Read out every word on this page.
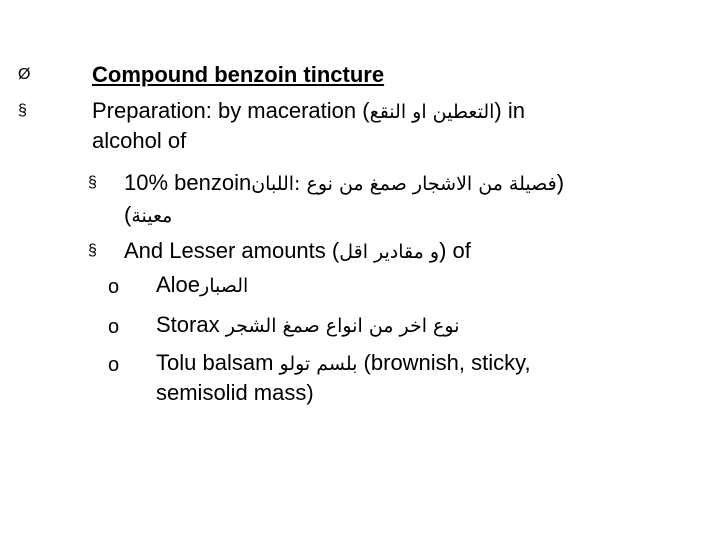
Ø	Compound benzoin tincture
§	Preparation: by maceration (التعطين او النقع) in
alcohol of
§ 10% benzoinفصيلة من الاشجار صمغ من نوع :اللبان)
(معينة
§ And Lesser amounts (و مقادير اقل) of
o Aloeالصبار
o Storax نوع اخر من انواع صمغ الشجر
o Tolu balsam بلسم تولو (brownish, sticky,
semisolid mass)
